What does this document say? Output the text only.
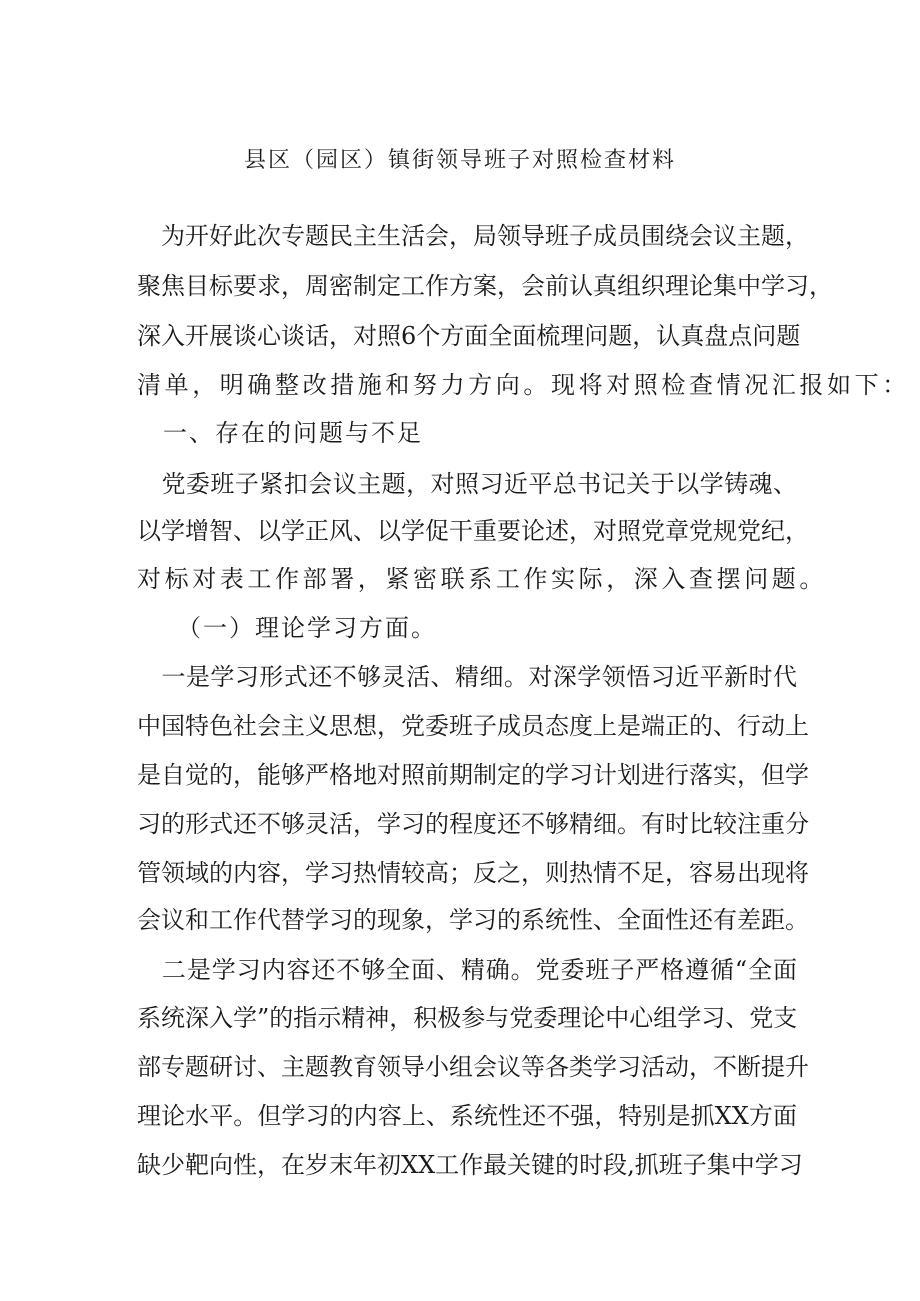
县区（园区）镇街领导班子对照检查材料
　为开好此次专题民主生活会，局领导班子成员围绕会议主题，
聚焦目标要求，周密制定工作方案，会前认真组织理论集中学习，
深入开展谈心谈话，对照6个方面全面梳理问题，认真盘点问题
清单，明确整改措施和努力方向。现将对照检查情况汇报如下：
　一、存在的问题与不足
　党委班子紧扣会议主题，对照习近平总书记关于以学铸魂、
以学增智、以学正风、以学促干重要论述，对照党章党规党纪，
对标对表工作部署，紧密联系工作实际，深入查摆问题。
　　（一）理论学习方面。
　一是学习形式还不够灵活、精细。对深学领悟习近平新时代
中国特色社会主义思想，党委班子成员态度上是端正的、行动上
是自觉的，能够严格地对照前期制定的学习计划进行落实，但学
习的形式还不够灵活，学习的程度还不够精细。有时比较注重分
管领域的内容，学习热情较高；反之，则热情不足，容易出现将
会议和工作代替学习的现象，学习的系统性、全面性还有差距。
　二是学习内容还不够全面、精确。党委班子严格遵循“全面
系统深入学”的指示精神，积极参与党委理论中心组学习、党支
部专题研讨、主题教育领导小组会议等各类学习活动，不断提升
理论水平。但学习的内容上、系统性还不强，特别是抓XX方面
缺少靶向性，在岁末年初XX工作最关键的时段,抓班子集中学习
